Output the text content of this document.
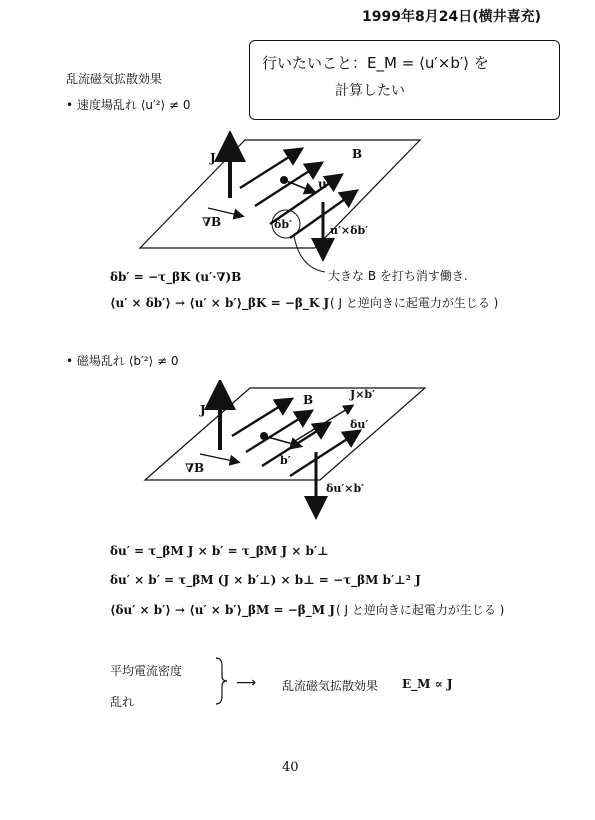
1999年8月24日(横井喜充)
行いたいこと：E_M = ⟨u′×b′⟩ を
計算したい
乱流磁気拡散効果
• 速度場乱れ ⟨u′²⟩ ≠ 0
J	B
u′
∇B	δb′	u′×δb′
大きな B を打ち消す働き.
δb′ = −τ_βK (u′·∇)B
⟨u′ × δb′⟩ → ⟨u′ × b′⟩_βK = −β_K J ( J と逆向きに起電力が生じる )
• 磁場乱れ ⟨b′²⟩ ≠ 0
J
B	J×b′
δu′
∇B
b′
δu′×b′
δu′ = τ_βM J × b′ = τ_βM J × b′⊥
δu′ × b′ = τ_βM (J × b′⊥) × b⊥ = −τ_βM b′⊥² J
⟨δu′ × b′⟩ → ⟨u′ × b′⟩_βM = −β_M J ( J と逆向きに起電力が生じる )
平均電流密度
乱れ
⟶ 乱流磁気拡散効果 E_M ∝ J
40
